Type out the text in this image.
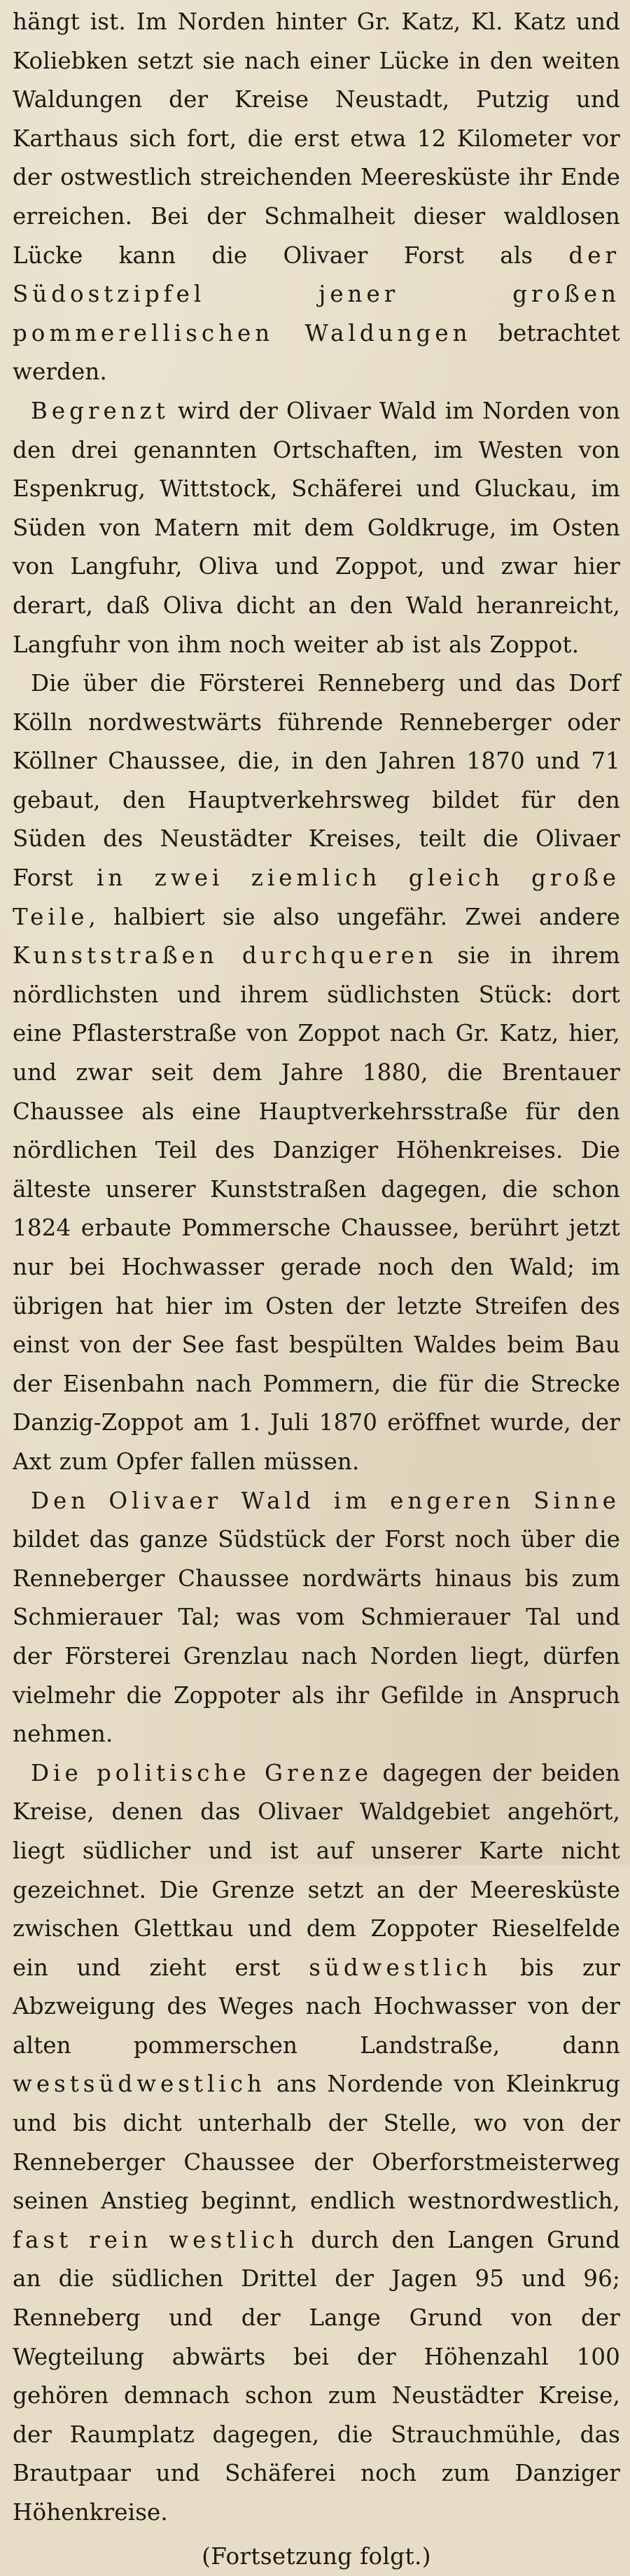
hängt ist. Im Norden hinter Gr. Katz, Kl. Katz und Koliebken setzt sie nach einer Lücke in den weiten Waldungen der Kreise Neustadt, Putzig und Karthaus sich fort, die erst etwa 12 Kilometer vor der ostwestlich streichenden Meeresküste ihr Ende erreichen. Bei der Schmalheit dieser waldlosen Lücke kann die Olivaer Forst als der Südostzipfel jener großen pommerellischen Waldungen betrachtet werden.

Begrenzt wird der Olivaer Wald im Norden von den drei genannten Ortschaften, im Westen von Espenkrug, Wittstock, Schäferei und Gluckau, im Süden von Matern mit dem Goldkruge, im Osten von Langfuhr, Oliva und Zoppot, und zwar hier derart, daß Oliva dicht an den Wald heranreicht, Langfuhr von ihm noch weiter ab ist als Zoppot.

Die über die Försterei Renneberg und das Dorf Kölln nordwestwärts führende Renneberger oder Köllner Chaussee, die, in den Jahren 1870 und 71 gebaut, den Hauptverkehrsweg bildet für den Süden des Neustädter Kreises, teilt die Olivaer Forst in zwei ziemlich gleich große Teile, halbiert sie also ungefähr. Zwei andere Kunststraßen durchqueren sie in ihrem nördlichsten und ihrem südlichsten Stück: dort eine Pflasterstraße von Zoppot nach Gr. Katz, hier, und zwar seit dem Jahre 1880, die Brentauer Chaussee als eine Hauptverkehrsstraße für den nördlichen Teil des Danziger Höhenkreises. Die älteste unserer Kunststraßen dagegen, die schon 1824 erbaute Pommersche Chaussee, berührt jetzt nur bei Hochwasser gerade noch den Wald; im übrigen hat hier im Osten der letzte Streifen des einst von der See fast bespülten Waldes beim Bau der Eisenbahn nach Pommern, die für die Strecke Danzig-Zoppot am 1. Juli 1870 eröffnet wurde, der Axt zum Opfer fallen müssen.

Den Olivaer Wald im engeren Sinne bildet das ganze Südstück der Forst noch über die Renneberger Chaussee nordwärts hinaus bis zum Schmierauer Tal; was vom Schmierauer Tal und der Försterei Grenzlau nach Norden liegt, dürfen vielmehr die Zoppoter als ihr Gefilde in Anspruch nehmen.

Die politische Grenze dagegen der beiden Kreise, denen das Olivaer Waldgebiet angehört, liegt südlicher und ist auf unserer Karte nicht gezeichnet. Die Grenze setzt an der Meeresküste zwischen Glettkau und dem Zoppoter Rieselfelde ein und zieht erst südwestlich bis zur Abzweigung des Weges nach Hochwasser von der alten pommerschen Landstraße, dann westsüdwestlich ans Nordende von Kleinkrug und bis dicht unterhalb der Stelle, wo von der Renneberger Chaussee der Oberforstmeisterweg seinen Anstieg beginnt, endlich westnordwestlich, fast rein westlich durch den Langen Grund an die südlichen Drittel der Jagen 95 und 96; Renneberg und der Lange Grund von der Wegteilung abwärts bei der Höhenzahl 100 gehören demnach schon zum Neustädter Kreise, der Raumplatz dagegen, die Strauchmühle, das Brautpaar und Schäferei noch zum Danziger Höhenkreise.

(Fortsetzung folgt.)
